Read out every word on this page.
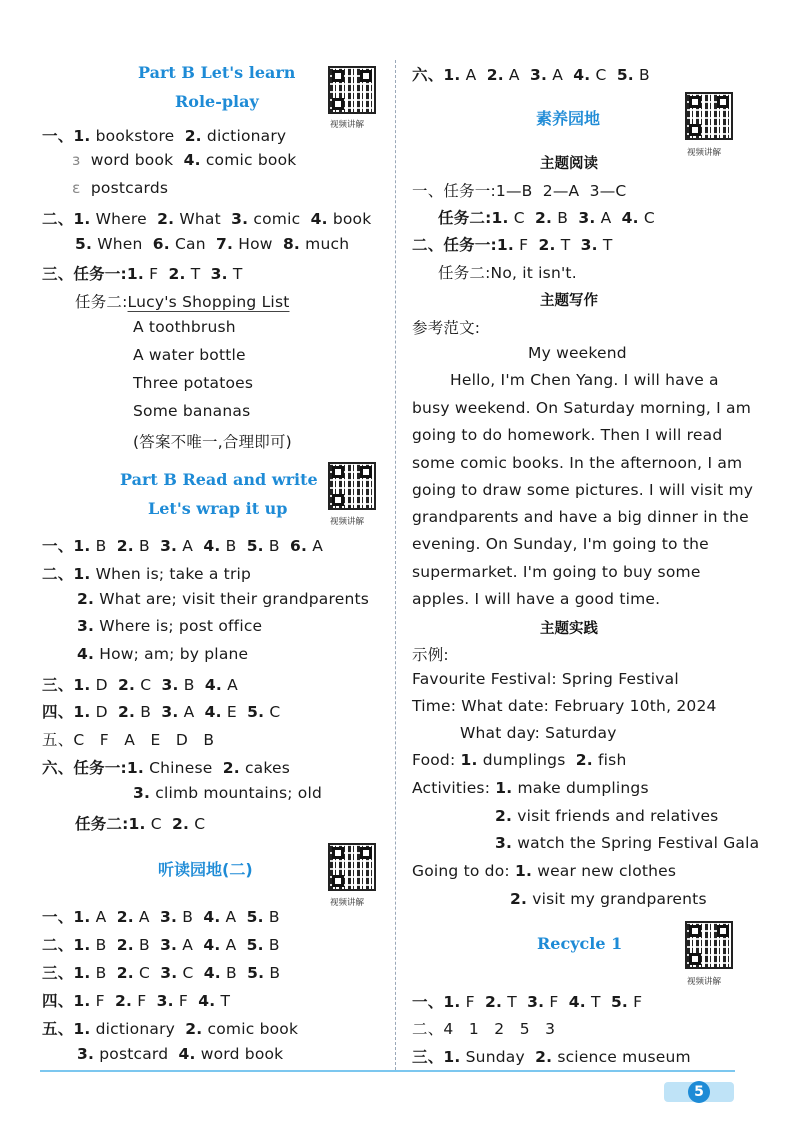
Part B Let's learn
Role-play
视频讲解
一、1. bookstore 2. dictionary
ɜ word book 4. comic book
ɛ postcards
二、1. Where 2. What 3. comic 4. book
5. When 6. Can 7. How 8. much
三、任务一:1. F 2. T 3. T
任务二:Lucy's Shopping List
A toothbrush
A water bottle
Three potatoes
Some bananas
(答案不唯一,合理即可)
Part B Read and write
Let's wrap it up
视频讲解
一、1. B 2. B 3. A 4. B 5. B 6. A
二、1. When is; take a trip
2. What are; visit their grandparents
3. Where is; post office
4. How; am; by plane
三、1. D 2. C 3. B 4. A
四、1. D 2. B 3. A 4. E 5. C
五、C   F   A   E   D   B
六、任务一:1. Chinese 2. cakes
3. climb mountains; old
任务二:1. C 2. C
听读园地(二)
视频讲解
一、1. A 2. A 3. B 4. A 5. B
二、1. B 2. B 3. A 4. A 5. B
三、1. B 2. C 3. C 4. B 5. B
四、1. F 2. F 3. F 4. T
五、1. dictionary 2. comic book
3. postcard 4. word book
六、1. A 2. A 3. A 4. C 5. B
素养园地
视频讲解
主题阅读
一、任务一:1—B 2—A 3—C
任务二:1. C 2. B 3. A 4. C
二、任务一:1. F 2. T 3. T
任务二:No, it isn't.
主题写作
参考范文:
My weekend
Hello, I'm Chen Yang. I will have a
busy weekend. On Saturday morning, I am
going to do homework. Then I will read
some comic books. In the afternoon, I am
going to draw some pictures. I will visit my
grandparents and have a big dinner in the
evening. On Sunday, I'm going to the
supermarket. I'm going to buy some
apples. I will have a good time.
主题实践
示例:
Favourite Festival: Spring Festival
Time: What date: February 10th, 2024
What day: Saturday
Food: 1. dumplings 2. fish
Activities: 1. make dumplings
2. visit friends and relatives
3. watch the Spring Festival Gala
Going to do: 1. wear new clothes
2. visit my grandparents
Recycle 1
视频讲解
一、1. F 2. T 3. F 4. T 5. F
二、4   1   2   5   3
三、1. Sunday 2. science museum
5
